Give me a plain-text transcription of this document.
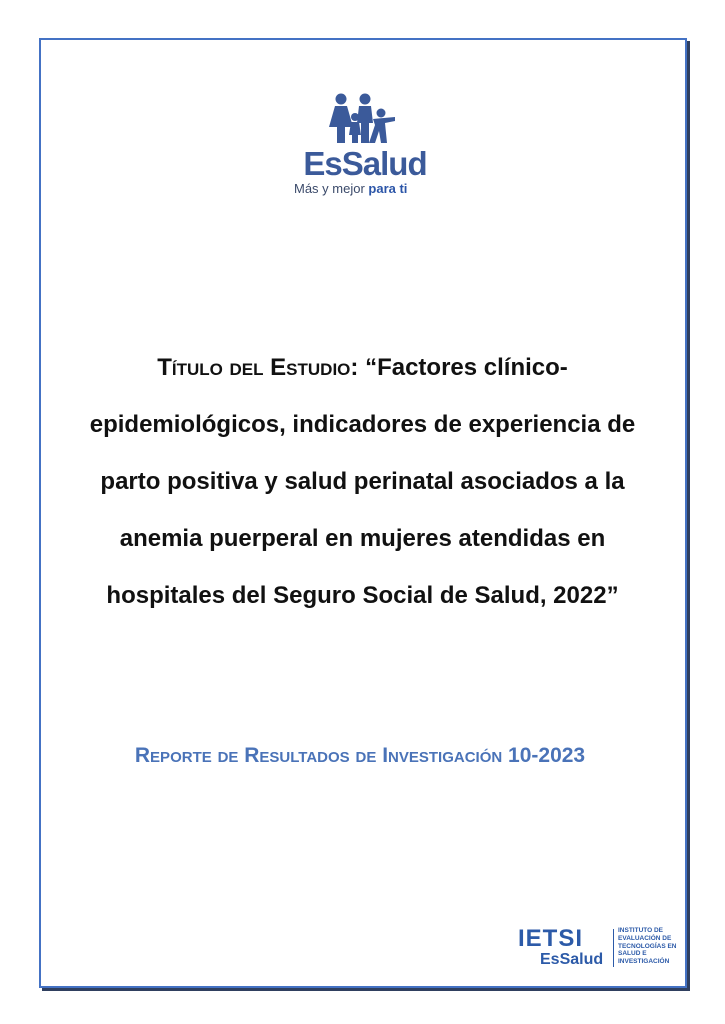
EsSalud
Más y mejor para ti
Título del Estudio: “Factores clínico-epidemiológicos, indicadores de experiencia de parto positiva y salud perinatal asociados a la anemia puerperal en mujeres atendidas en hospitales del Seguro Social de Salud, 2022”
Reporte de Resultados de Investigación 10-2023
IETSI
EsSalud
INSTITUTO DE
EVALUACIÓN DE
TECNOLOGÍAS EN
SALUD E
INVESTIGACIÓN
